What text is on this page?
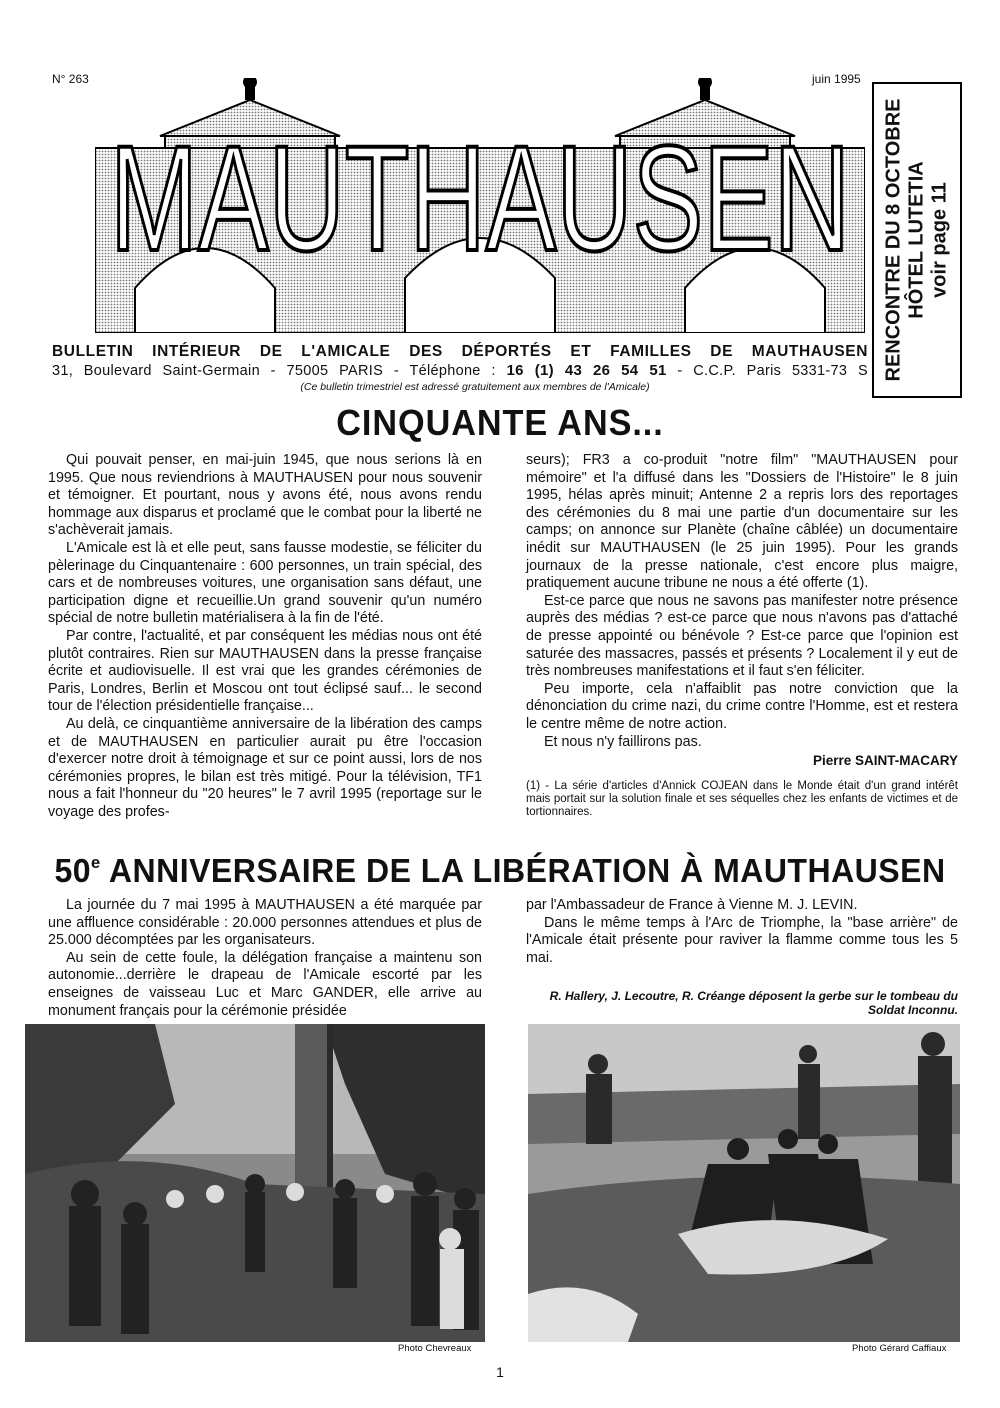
N° 263	juin 1995
MAUTHAUSEN RENCONTRE DU 8 OCTOBRE HÔTEL LUTETIA voir page 11
BULLETIN INTÉRIEUR DE L'AMICALE DES DÉPORTÉS ET FAMILLES DE MAUTHAUSEN
31, Boulevard Saint-Germain - 75005 PARIS - Téléphone : 16 (1) 43 26 54 51 - C.C.P. Paris 5331-73 S
(Ce bulletin trimestriel est adressé gratuitement aux membres de l'Amicale)
CINQUANTE ANS...

Qui pouvait penser, en mai-juin 1945, que nous serions là en 1995. Que nous reviendrions à MAUTHAUSEN pour nous souvenir et témoigner. Et pourtant, nous y avons été, nous avons rendu hommage aux disparus et proclamé que le combat pour la liberté ne s'achèverait jamais.

L'Amicale est là et elle peut, sans fausse modestie, se féliciter du pèlerinage du Cinquantenaire : 600 personnes, un train spécial, des cars et de nombreuses voitures, une organisation sans défaut, une participation digne et recueillie.Un grand souvenir qu'un numéro spécial de notre bulletin matérialisera à la fin de l'été.

Par contre, l'actualité, et par conséquent les médias nous ont été plutôt contraires. Rien sur MAUTHAUSEN dans la presse française écrite et audiovisuelle. Il est vrai que les grandes cérémonies de Paris, Londres, Berlin et Moscou ont tout éclipsé sauf... le second tour de l'élection présidentielle française...

Au delà, ce cinquantième anniversaire de la libération des camps et de MAUTHAUSEN en particulier aurait pu être l'occasion d'exercer notre droit à témoignage et sur ce point aussi, lors de nos cérémonies propres, le bilan est très mitigé. Pour la télévision, TF1 nous a fait l'honneur du "20 heures" le 7 avril 1995 (reportage sur le voyage des profes-

seurs); FR3 a co-produit "notre film" "MAUTHAUSEN pour mémoire" et l'a diffusé dans les "Dossiers de l'Histoire" le 8 juin 1995, hélas après minuit; Antenne 2 a repris lors des reportages des cérémonies du 8 mai une partie d'un documentaire sur les camps; on annonce sur Planète (chaîne câblée) un documentaire inédit sur MAUTHAUSEN (le 25 juin 1995). Pour les grands journaux de la presse nationale, c'est encore plus maigre, pratiquement aucune tribune ne nous a été offerte (1).

Est-ce parce que nous ne savons pas manifester notre présence auprès des médias ? est-ce parce que nous n'avons pas d'attaché de presse appointé ou bénévole ? Est-ce parce que l'opinion est saturée des massacres, passés et présents ? Localement il y eut de très nombreuses manifestations et il faut s'en féliciter.

Peu importe, cela n'affaiblit pas notre conviction que la dénonciation du crime nazi, du crime contre l'Homme, est et restera le centre même de notre action.

Et nous n'y faillirons pas.

Pierre SAINT-MACARY

(1) - La série d'articles d'Annick COJEAN dans le Monde était d'un grand intérêt mais portait sur la solution finale et ses séquelles chez les enfants de victimes et de tortionnaires.

50e ANNIVERSAIRE DE LA LIBÉRATION À MAUTHAUSEN

La journée du 7 mai 1995 à MAUTHAUSEN a été marquée par une affluence considérable : 20.000 personnes attendues et plus de 25.000 décomptées par les organisateurs.

Au sein de cette foule, la délégation française a maintenu son autonomie...derrière le drapeau de l'Amicale escorté par les enseignes de vaisseau Luc et Marc GANDER, elle arrive au monument français pour la cérémonie présidée

par l'Ambassadeur de France à Vienne M. J. LEVIN.

Dans le même temps à l'Arc de Triomphe, la "base arrière" de l'Amicale était présente pour raviver la flamme comme tous les 5 mai.

R. Hallery, J. Lecoutre, R. Créange déposent la gerbe sur le tombeau du Soldat Inconnu.
Photo Chevreaux	Photo Gérard Caffiaux
1
